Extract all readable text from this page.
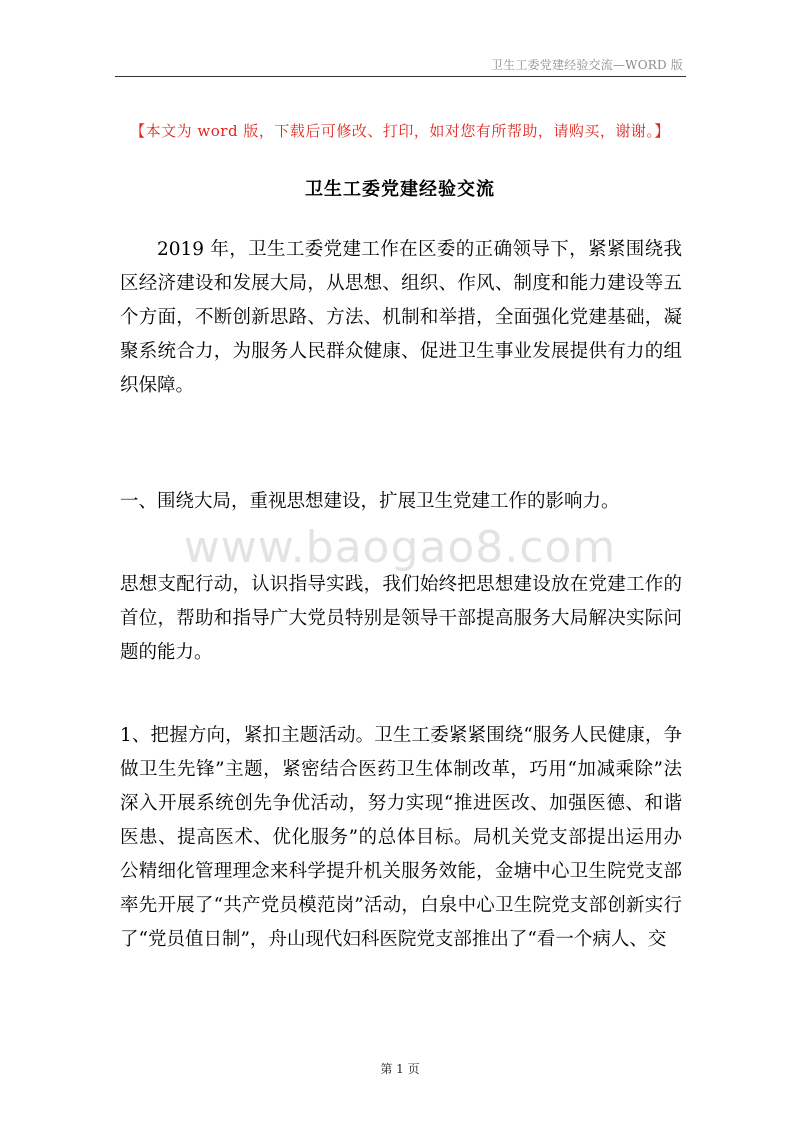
卫生工委党建经验交流—WORD 版
【本文为 word 版，下载后可修改、打印，如对您有所帮助，请购买，谢谢。】
卫生工委党建经验交流

2019 年，卫生工委党建工作在区委的正确领导下，紧紧围绕我区经济建设和发展大局，从思想、组织、作风、制度和能力建设等五个方面，不断创新思路、方法、机制和举措，全面强化党建基础，凝聚系统合力，为服务人民群众健康、促进卫生事业发展提供有力的组织保障。

一、围绕大局，重视思想建设，扩展卫生党建工作的影响力。

www.baogao8.com

思想支配行动，认识指导实践，我们始终把思想建设放在党建工作的首位，帮助和指导广大党员特别是领导干部提高服务大局解决实际问题的能力。

1、把握方向，紧扣主题活动。卫生工委紧紧围绕“服务人民健康，争做卫生先锋”主题，紧密结合医药卫生体制改革，巧用“加减乘除”法深入开展系统创先争优活动，努力实现“推进医改、加强医德、和谐医患、提高医术、优化服务”的总体目标。局机关党支部提出运用办公精细化管理理念来科学提升机关服务效能，金塘中心卫生院党支部率先开展了“共产党员模范岗”活动，白泉中心卫生院党支部创新实行了“党员值日制”，舟山现代妇科医院党支部推出了“看一个病人、交

第 1 页
